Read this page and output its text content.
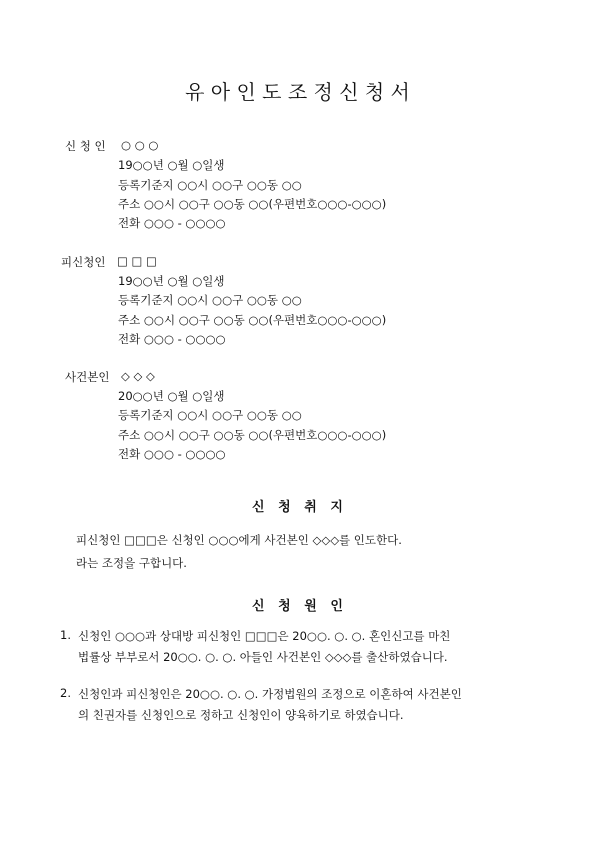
유 아 인 도 조 정 신 청 서
신 청 인 ○ ○ ○
19○○년 ○월 ○일생
등록기준지 ○○시 ○○구 ○○동 ○○
주소 ○○시 ○○구 ○○동 ○○(우편번호○○○-○○○)
전화 ○○○ - ○○○○
피신청인 □ □ □
19○○년 ○월 ○일생
등록기준지 ○○시 ○○구 ○○동 ○○
주소 ○○시 ○○구 ○○동 ○○(우편번호○○○-○○○)
전화 ○○○ - ○○○○
사건본인 ◇ ◇ ◇
20○○년 ○월 ○일생
등록기준지 ○○시 ○○구 ○○동 ○○
주소 ○○시 ○○구 ○○동 ○○(우편번호○○○-○○○)
전화 ○○○ - ○○○○
신   청   취   지
피신청인 □□□은 신청인 ○○○에게 사건본인 ◇◇◇를 인도한다.
라는 조정을 구합니다.
신   청   원   인
1. 신청인 ○○○과 상대방 피신청인 □□□은 20○○. ○. ○. 혼인신고를 마친
법률상 부부로서 20○○. ○. ○. 아들인 사건본인 ◇◇◇를 출산하였습니다.
2. 신청인과 피신청인은 20○○. ○. ○. 가정법원의 조정으로 이혼하여 사건본인
의 친권자를 신청인으로 정하고 신청인이 양육하기로 하였습니다.
